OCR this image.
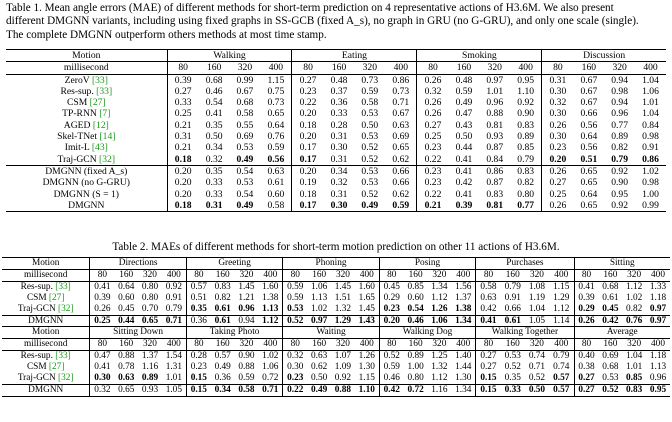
Table 1. Mean angle errors (MAE) of different methods for short-term prediction on 4 representative actions of H3.6M. We also present
different DMGNN variants, including using fixed graphs in SS-GCB (fixed A_s), no graph in GRU (no G-GRU), and only one scale (single).
The complete DMGNN outperform others methods at most time stamp.
Motion	Walking				Eating				Smoking				Discussion			
millisecond	80	160	320	400	80	160	320	400	80	160	320	400	80	160	320	400
ZeroV [33]	0.39	0.68	0.99	1.15	0.27	0.48	0.73	0.86	0.26	0.48	0.97	0.95	0.31	0.67	0.94	1.04
Res-sup. [33]	0.27	0.46	0.67	0.75	0.23	0.37	0.59	0.73	0.32	0.59	1.01	1.10	0.30	0.67	0.98	1.06
CSM [27]	0.33	0.54	0.68	0.73	0.22	0.36	0.58	0.71	0.26	0.49	0.96	0.92	0.32	0.67	0.94	1.01
TP-RNN [7]	0.25	0.41	0.58	0.65	0.20	0.33	0.53	0.67	0.26	0.47	0.88	0.90	0.30	0.66	0.96	1.04
AGED [12]	0.21	0.35	0.55	0.64	0.18	0.28	0.50	0.63	0.27	0.43	0.81	0.83	0.26	0.56	0.77	0.84
Skel-TNet [14]	0.31	0.50	0.69	0.76	0.20	0.31	0.53	0.69	0.25	0.50	0.93	0.89	0.30	0.64	0.89	0.98
Imit-L [43]	0.21	0.34	0.53	0.59	0.17	0.30	0.52	0.65	0.23	0.44	0.87	0.85	0.23	0.56	0.82	0.91
Traj-GCN [32]	0.18	0.32	0.49	0.56	0.17	0.31	0.52	0.62	0.22	0.41	0.84	0.79	0.20	0.51	0.79	0.86
DMGNN (fixed A_s)	0.20	0.35	0.54	0.63	0.20	0.34	0.53	0.66	0.23	0.41	0.86	0.83	0.26	0.65	0.92	1.02
DMGNN (no G-GRU)	0.20	0.33	0.53	0.61	0.19	0.32	0.53	0.66	0.23	0.42	0.87	0.82	0.27	0.65	0.90	0.98
DMGNN (S = 1)	0.20	0.33	0.54	0.60	0.18	0.31	0.52	0.62	0.22	0.41	0.83	0.80	0.25	0.64	0.95	1.00
DMGNN	0.18	0.31	0.49	0.58	0.17	0.30	0.49	0.59	0.21	0.39	0.81	0.77	0.26	0.65	0.92	0.99
Table 2. MAEs of different methods for short-term motion prediction on other 11 actions of H3.6M.
Motion	Directions				Greeting				Phoning				Posing				Purchases				Sitting			
millisecond	80	160	320	400	80	160	320	400	80	160	320	400	80	160	320	400	80	160	320	400	80	160	320	400
Res-sup. [33]	0.41	0.64	0.80	0.92	0.57	0.83	1.45	1.60	0.59	1.06	1.45	1.60	0.45	0.85	1.34	1.56	0.58	0.79	1.08	1.15	0.41	0.68	1.12	1.33
CSM [27]	0.39	0.60	0.80	0.91	0.51	0.82	1.21	1.38	0.59	1.13	1.51	1.65	0.29	0.60	1.12	1.37	0.63	0.91	1.19	1.29	0.39	0.61	1.02	1.18
Traj-GCN [32]	0.26	0.45	0.70	0.79	0.35	0.61	0.96	1.13	0.53	1.02	1.32	1.45	0.23	0.54	1.26	1.38	0.42	0.66	1.04	1.12	0.29	0.45	0.82	0.97
DMGNN	0.25	0.44	0.65	0.71	0.36	0.61	0.94	1.12	0.52	0.97	1.29	1.43	0.20	0.46	1.06	1.34	0.41	0.61	1.05	1.14	0.26	0.42	0.76	0.97
Motion	Sitting Down				Taking Photo				Waiting				Walking Dog				Walking Together				Average			
millisecond	80	160	320	400	80	160	320	400	80	160	320	400	80	160	320	400	80	160	320	400	80	160	320	400
Res-sup. [33]	0.47	0.88	1.37	1.54	0.28	0.57	0.90	1.02	0.32	0.63	1.07	1.26	0.52	0.89	1.25	1.40	0.27	0.53	0.74	0.79	0.40	0.69	1.04	1.18
CSM [27]	0.41	0.78	1.16	1.31	0.23	0.49	0.88	1.06	0.30	0.62	1.09	1.30	0.59	1.00	1.32	1.44	0.27	0.52	0.71	0.74	0.38	0.68	1.01	1.13
Traj-GCN [32]	0.30	0.63	0.89	1.01	0.15	0.36	0.59	0.72	0.23	0.50	0.92	1.15	0.46	0.80	1.12	1.30	0.15	0.35	0.52	0.57	0.27	0.53	0.85	0.96
DMGNN	0.32	0.65	0.93	1.05	0.15	0.34	0.58	0.71	0.22	0.49	0.88	1.10	0.42	0.72	1.16	1.34	0.15	0.33	0.50	0.57	0.27	0.52	0.83	0.95
